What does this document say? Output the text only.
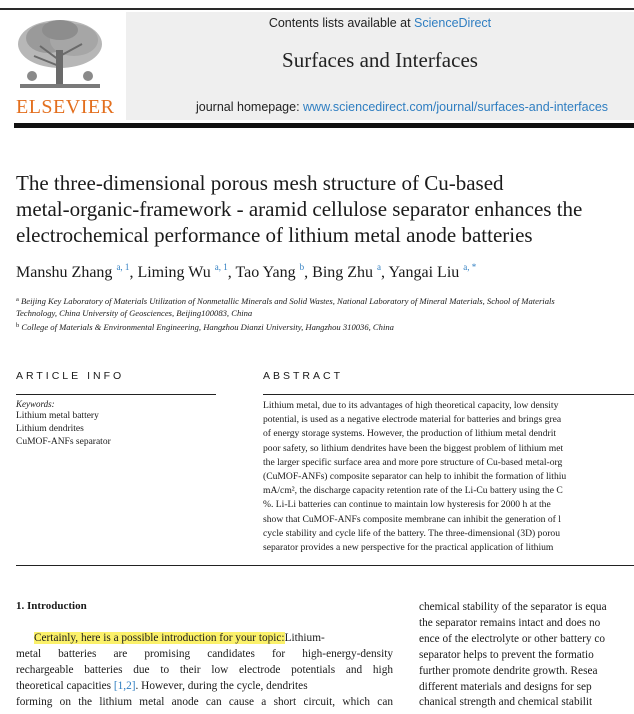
ELSEVIER
Contents lists available at ScienceDirect
Surfaces and Interfaces
journal homepage: www.sciencedirect.com/journal/surfaces-and-interfaces
The three-dimensional porous mesh structure of Cu-based
metal-organic-framework - aramid cellulose separator enhances the
electrochemical performance of lithium metal anode batteries
Manshu Zhang $^{a, 1}$, Liming Wu $^{a, 1}$, Tao Yang $^b$, Bing Zhu $^a$, Yangai Liu $^{a, *}$
$^a$ Beijing Key Laboratory of Materials Utilization of Nonmetallic Minerals and Solid Wastes, National Laboratory of Mineral Materials, School of Materials
Technology, China University of Geosciences, Beijing100083, China
$^b$ College of Materials & Environmental Engineering, Hangzhou Dianzi University, Hangzhou 310036, China
ARTICLE INFO	ABSTRACT
Keywords:
Lithium metal battery
Lithium dendrites
CuMOF-ANFs separator
Lithium metal, due to its advantages of high theoretical capacity, low density
potential, is used as a negative electrode material for batteries and brings grea
of energy storage systems. However, the production of lithium metal dendrit
poor safety, so lithium dendrites have been the biggest problem of lithium met
the larger specific surface area and more pore structure of Cu-based metal-org
(CuMOF-ANFs) composite separator can help to inhibit the formation of lithiu
mA/cm², the discharge capacity retention rate of the Li-Cu battery using the C
%. Li-Li batteries can continue to maintain low hysteresis for 2000 h at the
show that CuMOF-ANFs composite membrane can inhibit the generation of l
cycle stability and cycle life of the battery. The three-dimensional (3D) porou
separator provides a new perspective for the practical application of lithium
1. Introduction
Certainly, here is a possible introduction for your topic:Lithium-
metal batteries are promising candidates for high-energy-density
rechargeable batteries due to their low electrode potentials and high
theoretical capacities [1,2]. However, during the cycle, dendrites
forming on the lithium metal anode can cause a short circuit, which can
chemical stability of the separator is equa
the separator remains intact and does no
ence of the electrolyte or other battery co
separator helps to prevent the formatio
further promote dendrite growth. Resea
different materials and designs for sep
chanical strength and chemical stabilit
